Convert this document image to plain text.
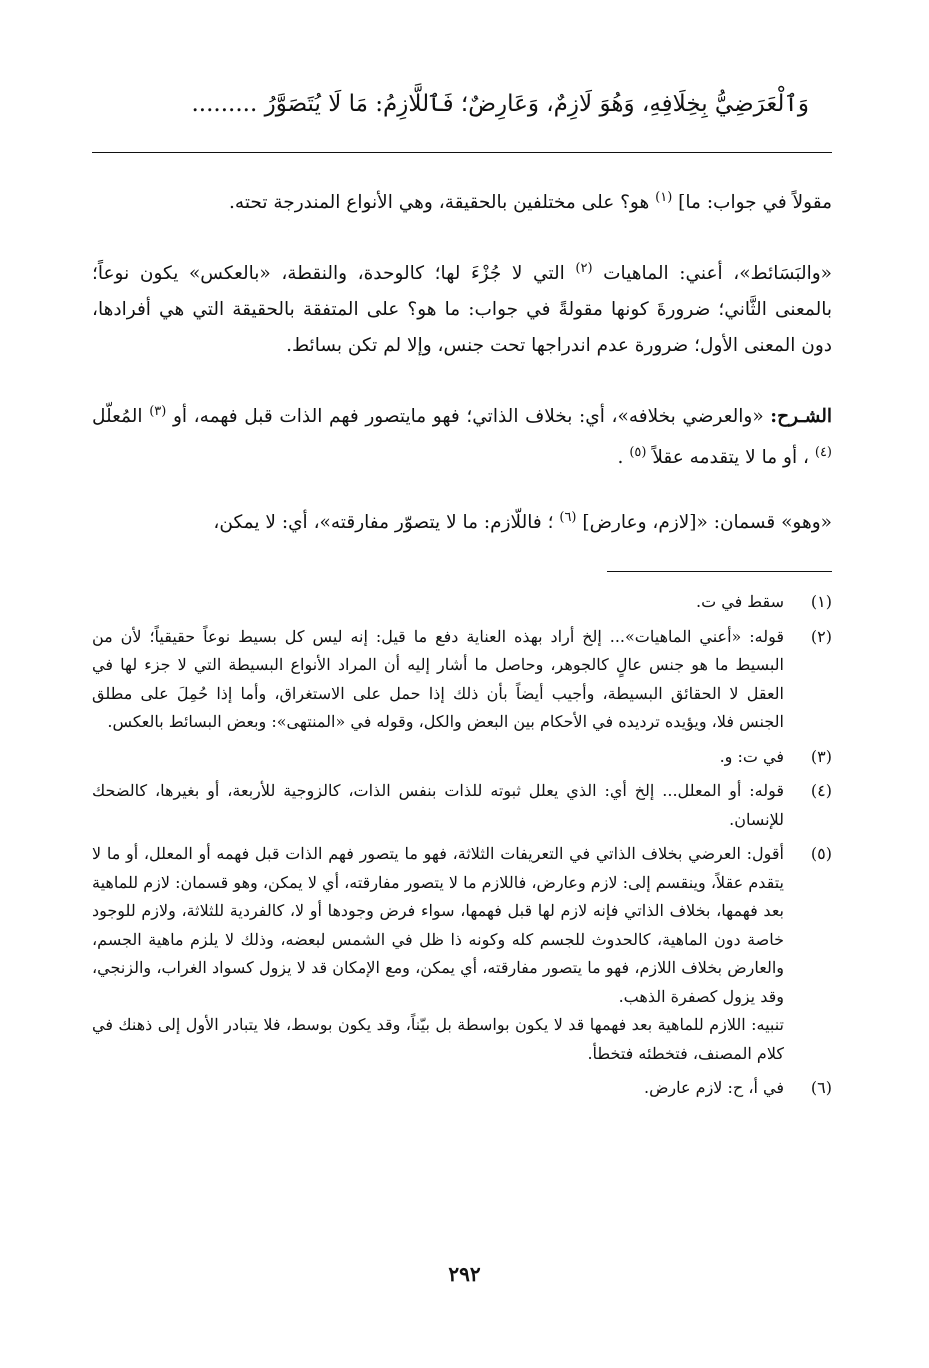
وَٱلْعَرَضِيُّ بِخِلَافِهِ، وَهُوَ لَازِمٌ، وَعَارِضٌ؛ فَٱللَّازِمُ: مَا لَا يُتَصَوَّرُ .........

مقولاً في جواب: ما] $^{(١)}$ هو؟ على مختلفين بالحقيقة، وهي الأنواع المندرجة تحته.

«والبَسَائط»، أعني: الماهيات $^{(٢)}$ التي لا جُزْءَ لها؛ كالوحدة، والنقطة، «بالعكس» يكون نوعاً؛ بالمعنى الثَّاني؛ ضرورةَ كونها مقولةً في جواب: ما هو؟ على المتفقة بالحقيقة التي هي أفرادها، دون المعنى الأول؛ ضرورة عدم اندراجها تحت جنس، وإلا لم تكن بسائط.

الشـرح: «والعرضي بخلافه»، أي: بخلاف الذاتي؛ فهو مايتصور فهم الذات قبل فهمه، أو $^{(٣)}$ المُعلّل $^{(٤)}$ ، أو ما لا يتقدمه عقلاً $^{(٥)}$ .

«وهو» قسمان: «[لازم، وعارض] $^{(٦)}$ ؛ فاللّازم: ما لا يتصوّر مفارقته»، أي: لا يمكن،

(١)
سقط في ت.
(٢)
قوله: «أعني الماهيات»... إلخ أراد بهذه العناية دفع ما قيل: إنه ليس كل بسيط نوعاً حقيقياً؛ لأن من البسيط ما هو جنس عالٍ كالجوهر، وحاصل ما أشار إليه أن المراد الأنواع البسيطة التي لا جزء لها في العقل لا الحقائق البسيطة، وأجيب أيضاً بأن ذلك إذا حمل على الاستغراق، وأما إذا حُمِلَ على مطلق الجنس فلا، ويؤيده ترديده في الأحكام بين البعض والكل، وقوله في «المنتهى»: وبعض البسائط بالعكس.
(٣)
في ت: و.
(٤)
قوله: أو المعلل... إلخ أي: الذي يعلل ثبوته للذات بنفس الذات، كالزوجية للأربعة، أو بغيرها، كالضحك للإنسان.
(٥)
أقول: العرضي بخلاف الذاتي في التعريفات الثلاثة، فهو ما يتصور فهم الذات قبل فهمه أو المعلل، أو ما لا يتقدم عقلاً، وينقسم إلى: لازم وعارض، فاللازم ما لا يتصور مفارقته، أي لا يمكن، وهو قسمان: لازم للماهية بعد فهمها، بخلاف الذاتي فإنه لازم لها قبل فهمها، سواء فرض وجودها أو لا، كالفردية للثلاثة، ولازم للوجود خاصة دون الماهية، كالحدوث للجسم كله وكونه ذا ظل في الشمس لبعضه، وذلك لا يلزم ماهية الجسم، والعارض بخلاف اللازم، فهو ما يتصور مفارقته، أي يمكن، ومع الإمكان قد لا يزول كسواد الغراب، والزنجي، وقد يزول كصفرة الذهب.
تنبيه: اللازم للماهية بعد فهمها قد لا يكون بواسطة بل بيّناً، وقد يكون بوسط، فلا يتبادر الأول إلى ذهنك في كلام المصنف، فتخطئه فتخطأ.
(٦)
في أ، ح: لازم عارض.
٢٩٢
